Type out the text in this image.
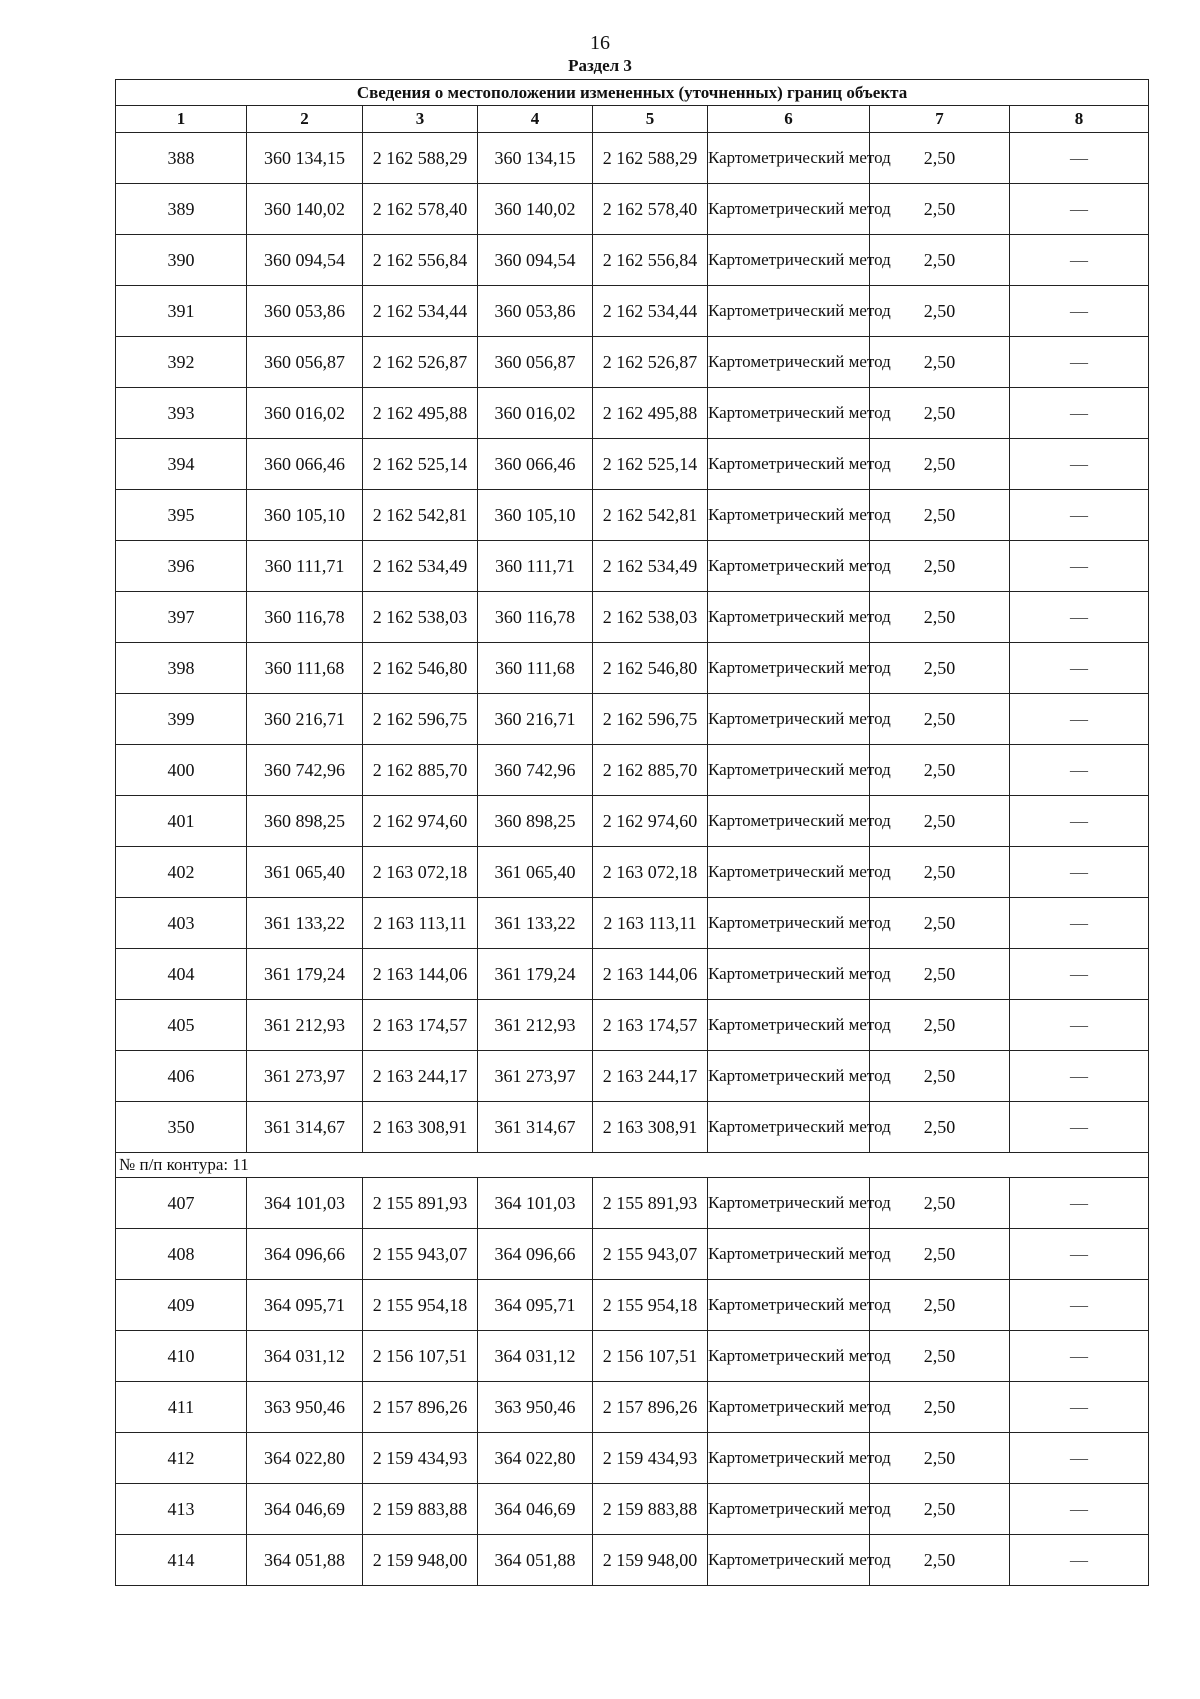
16
Раздел 3
Сведения о местоположении измененных (уточненных) границ объекта							
1	2	3	4	5	6	7	8
388	360 134,15	2 162 588,29	360 134,15	2 162 588,29	Картометрический метод	2,50	—
389	360 140,02	2 162 578,40	360 140,02	2 162 578,40	Картометрический метод	2,50	—
390	360 094,54	2 162 556,84	360 094,54	2 162 556,84	Картометрический метод	2,50	—
391	360 053,86	2 162 534,44	360 053,86	2 162 534,44	Картометрический метод	2,50	—
392	360 056,87	2 162 526,87	360 056,87	2 162 526,87	Картометрический метод	2,50	—
393	360 016,02	2 162 495,88	360 016,02	2 162 495,88	Картометрический метод	2,50	—
394	360 066,46	2 162 525,14	360 066,46	2 162 525,14	Картометрический метод	2,50	—
395	360 105,10	2 162 542,81	360 105,10	2 162 542,81	Картометрический метод	2,50	—
396	360 111,71	2 162 534,49	360 111,71	2 162 534,49	Картометрический метод	2,50	—
397	360 116,78	2 162 538,03	360 116,78	2 162 538,03	Картометрический метод	2,50	—
398	360 111,68	2 162 546,80	360 111,68	2 162 546,80	Картометрический метод	2,50	—
399	360 216,71	2 162 596,75	360 216,71	2 162 596,75	Картометрический метод	2,50	—
400	360 742,96	2 162 885,70	360 742,96	2 162 885,70	Картометрический метод	2,50	—
401	360 898,25	2 162 974,60	360 898,25	2 162 974,60	Картометрический метод	2,50	—
402	361 065,40	2 163 072,18	361 065,40	2 163 072,18	Картометрический метод	2,50	—
403	361 133,22	2 163 113,11	361 133,22	2 163 113,11	Картометрический метод	2,50	—
404	361 179,24	2 163 144,06	361 179,24	2 163 144,06	Картометрический метод	2,50	—
405	361 212,93	2 163 174,57	361 212,93	2 163 174,57	Картометрический метод	2,50	—
406	361 273,97	2 163 244,17	361 273,97	2 163 244,17	Картометрический метод	2,50	—
350	361 314,67	2 163 308,91	361 314,67	2 163 308,91	Картометрический метод	2,50	—
№ п/п контура: 11							
407	364 101,03	2 155 891,93	364 101,03	2 155 891,93	Картометрический метод	2,50	—
408	364 096,66	2 155 943,07	364 096,66	2 155 943,07	Картометрический метод	2,50	—
409	364 095,71	2 155 954,18	364 095,71	2 155 954,18	Картометрический метод	2,50	—
410	364 031,12	2 156 107,51	364 031,12	2 156 107,51	Картометрический метод	2,50	—
411	363 950,46	2 157 896,26	363 950,46	2 157 896,26	Картометрический метод	2,50	—
412	364 022,80	2 159 434,93	364 022,80	2 159 434,93	Картометрический метод	2,50	—
413	364 046,69	2 159 883,88	364 046,69	2 159 883,88	Картометрический метод	2,50	—
414	364 051,88	2 159 948,00	364 051,88	2 159 948,00	Картометрический метод	2,50	—
